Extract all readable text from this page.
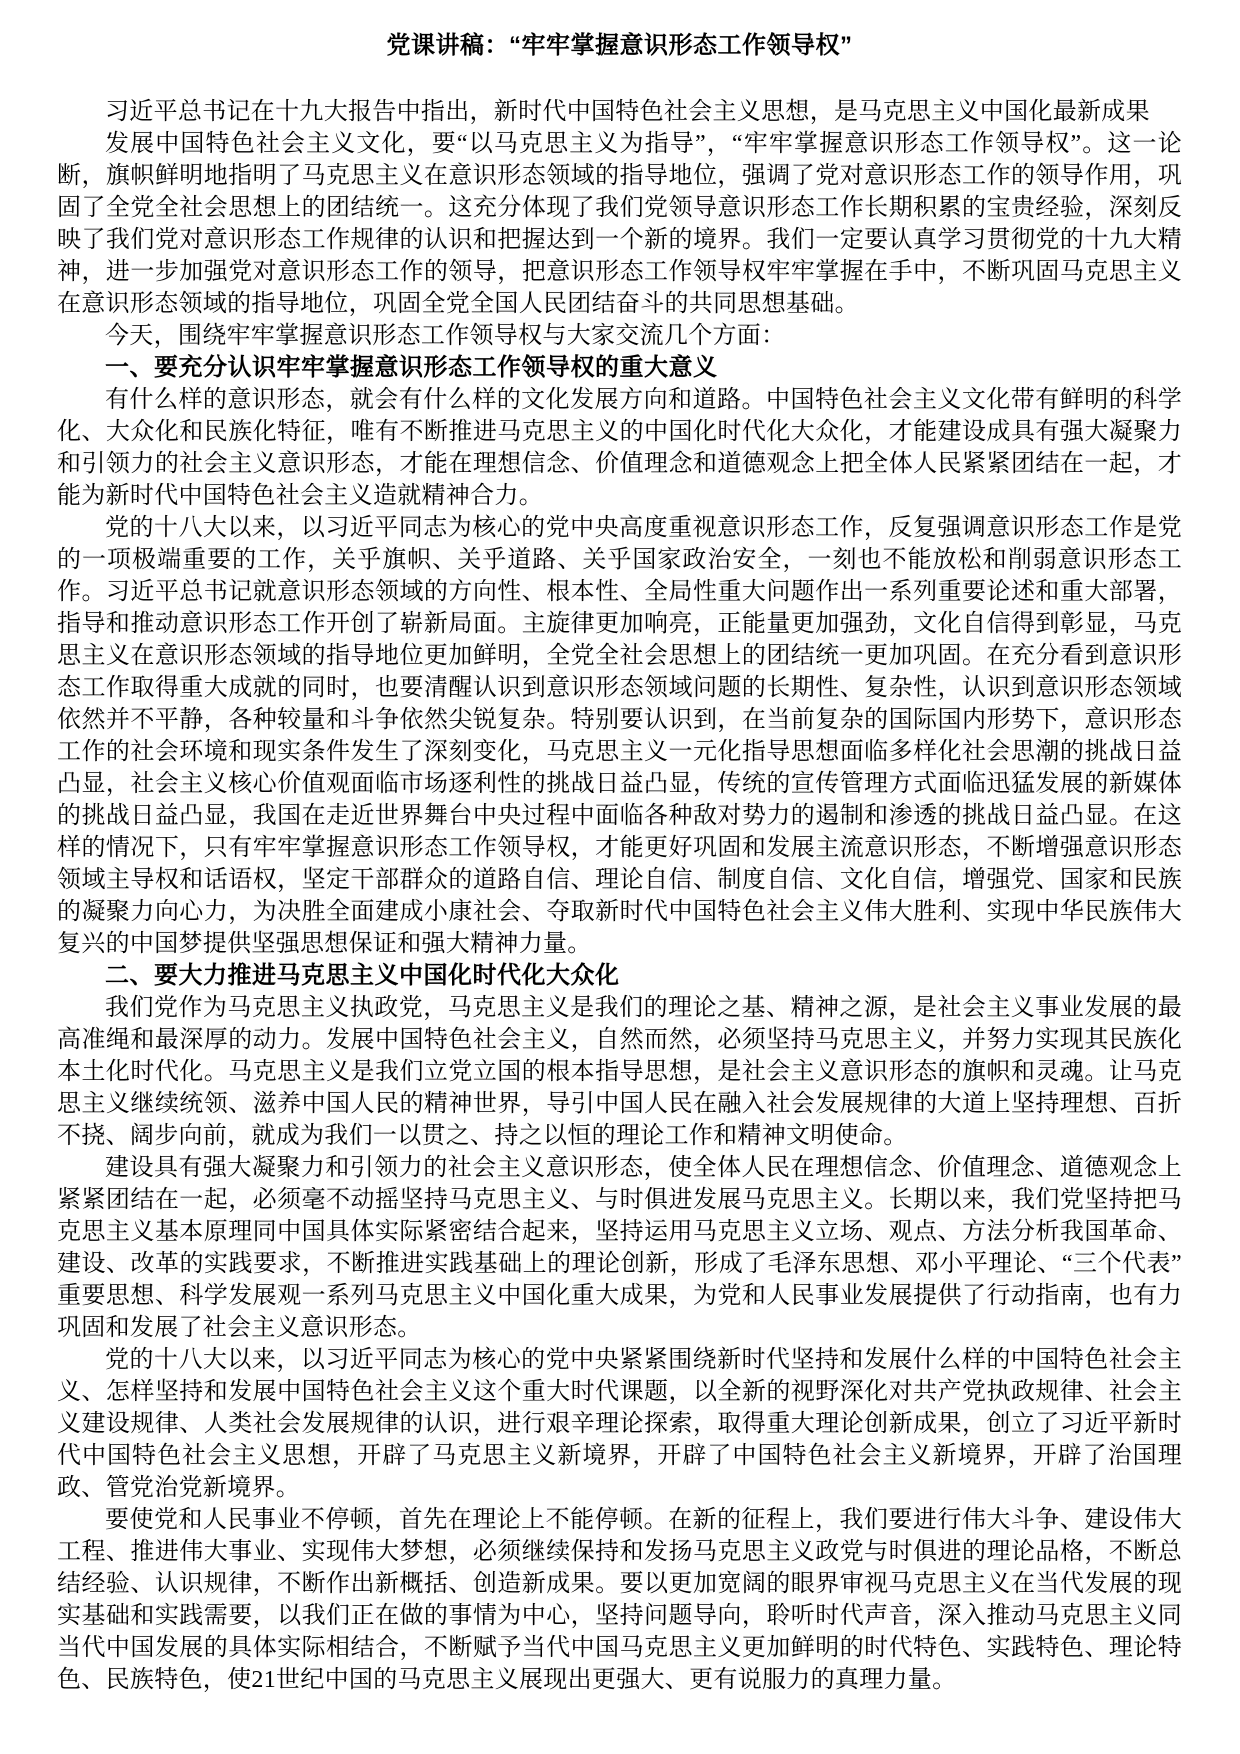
党课讲稿：“牢牢掌握意识形态工作领导权”

习近平总书记在十九大报告中指出，新时代中国特色社会主义思想，是马克思主义中国化最新成果

发展中国特色社会主义文化，要“以马克思主义为指导”，“牢牢掌握意识形态工作领导权”。这一论断，旗帜鲜明地指明了马克思主义在意识形态领域的指导地位，强调了党对意识形态工作的领导作用，巩固了全党全社会思想上的团结统一。这充分体现了我们党领导意识形态工作长期积累的宝贵经验，深刻反映了我们党对意识形态工作规律的认识和把握达到一个新的境界。我们一定要认真学习贯彻党的十九大精神，进一步加强党对意识形态工作的领导，把意识形态工作领导权牢牢掌握在手中，不断巩固马克思主义在意识形态领域的指导地位，巩固全党全国人民团结奋斗的共同思想基础。

今天，围绕牢牢掌握意识形态工作领导权与大家交流几个方面：

一、要充分认识牢牢掌握意识形态工作领导权的重大意义

有什么样的意识形态，就会有什么样的文化发展方向和道路。中国特色社会主义文化带有鲜明的科学化、大众化和民族化特征，唯有不断推进马克思主义的中国化时代化大众化，才能建设成具有强大凝聚力和引领力的社会主义意识形态，才能在理想信念、价值理念和道德观念上把全体人民紧紧团结在一起，才能为新时代中国特色社会主义造就精神合力。

党的十八大以来，以习近平同志为核心的党中央高度重视意识形态工作，反复强调意识形态工作是党的一项极端重要的工作，关乎旗帜、关乎道路、关乎国家政治安全，一刻也不能放松和削弱意识形态工作。习近平总书记就意识形态领域的方向性、根本性、全局性重大问题作出一系列重要论述和重大部署，指导和推动意识形态工作开创了崭新局面。主旋律更加响亮，正能量更加强劲，文化自信得到彰显，马克思主义在意识形态领域的指导地位更加鲜明，全党全社会思想上的团结统一更加巩固。在充分看到意识形态工作取得重大成就的同时，也要清醒认识到意识形态领域问题的长期性、复杂性，认识到意识形态领域依然并不平静，各种较量和斗争依然尖锐复杂。特别要认识到，在当前复杂的国际国内形势下，意识形态工作的社会环境和现实条件发生了深刻变化，马克思主义一元化指导思想面临多样化社会思潮的挑战日益凸显，社会主义核心价值观面临市场逐利性的挑战日益凸显，传统的宣传管理方式面临迅猛发展的新媒体的挑战日益凸显，我国在走近世界舞台中央过程中面临各种敌对势力的遏制和渗透的挑战日益凸显。在这样的情况下，只有牢牢掌握意识形态工作领导权，才能更好巩固和发展主流意识形态，不断增强意识形态领域主导权和话语权，坚定干部群众的道路自信、理论自信、制度自信、文化自信，增强党、国家和民族的凝聚力向心力，为决胜全面建成小康社会、夺取新时代中国特色社会主义伟大胜利、实现中华民族伟大复兴的中国梦提供坚强思想保证和强大精神力量。

二、要大力推进马克思主义中国化时代化大众化

我们党作为马克思主义执政党，马克思主义是我们的理论之基、精神之源，是社会主义事业发展的最高准绳和最深厚的动力。发展中国特色社会主义，自然而然，必须坚持马克思主义，并努力实现其民族化本土化时代化。马克思主义是我们立党立国的根本指导思想，是社会主义意识形态的旗帜和灵魂。让马克思主义继续统领、滋养中国人民的精神世界，导引中国人民在融入社会发展规律的大道上坚持理想、百折不挠、阔步向前，就成为我们一以贯之、持之以恒的理论工作和精神文明使命。

建设具有强大凝聚力和引领力的社会主义意识形态，使全体人民在理想信念、价值理念、道德观念上紧紧团结在一起，必须毫不动摇坚持马克思主义、与时俱进发展马克思主义。长期以来，我们党坚持把马克思主义基本原理同中国具体实际紧密结合起来，坚持运用马克思主义立场、观点、方法分析我国革命、建设、改革的实践要求，不断推进实践基础上的理论创新，形成了毛泽东思想、邓小平理论、“三个代表”重要思想、科学发展观一系列马克思主义中国化重大成果，为党和人民事业发展提供了行动指南，也有力巩固和发展了社会主义意识形态。

党的十八大以来，以习近平同志为核心的党中央紧紧围绕新时代坚持和发展什么样的中国特色社会主义、怎样坚持和发展中国特色社会主义这个重大时代课题，以全新的视野深化对共产党执政规律、社会主义建设规律、人类社会发展规律的认识，进行艰辛理论探索，取得重大理论创新成果，创立了习近平新时代中国特色社会主义思想，开辟了马克思主义新境界，开辟了中国特色社会主义新境界，开辟了治国理政、管党治党新境界。

要使党和人民事业不停顿，首先在理论上不能停顿。在新的征程上，我们要进行伟大斗争、建设伟大工程、推进伟大事业、实现伟大梦想，必须继续保持和发扬马克思主义政党与时俱进的理论品格，不断总结经验、认识规律，不断作出新概括、创造新成果。要以更加宽阔的眼界审视马克思主义在当代发展的现实基础和实践需要，以我们正在做的事情为中心，坚持问题导向，聆听时代声音，深入推动马克思主义同当代中国发展的具体实际相结合，不断赋予当代中国马克思主义更加鲜明的时代特色、实践特色、理论特色、民族特色，使21世纪中国的马克思主义展现出更强大、更有说服力的真理力量。
